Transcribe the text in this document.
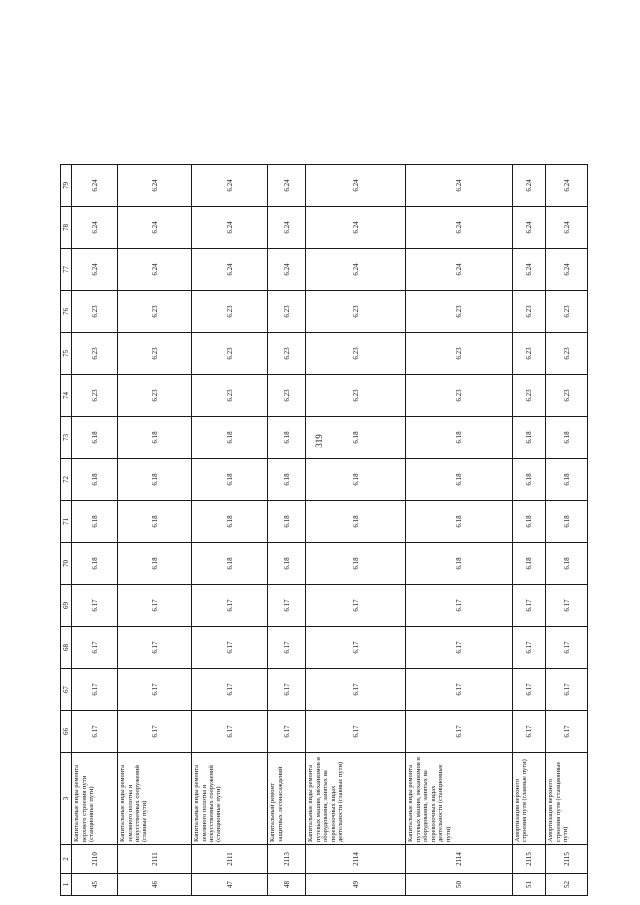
319
1	2	3	66	67	68	69	70	71	72	73	74	75	76	77	78	79
45	2110	Капитальные виды ремонта верхнего строения пути (станционные пути)	6.17	6.17	6.17	6.17	6.18	6.18	6.18	6.18	6.23	6.23	6.23	6.24	6.24	6.24
46	2111	Капитальные виды ремонта земляного полотна и искусственных сооружений (главные пути)	6.17	6.17	6.17	6.17	6.18	6.18	6.18	6.18	6.23	6.23	6.23	6.24	6.24	6.24
47	2111	Капитальные виды ремонта земляного полотна и искусственных сооружений (станционные пути)	6.17	6.17	6.17	6.17	6.18	6.18	6.18	6.18	6.23	6.23	6.23	6.24	6.24	6.24
48	2113	Капитальный ремонт защитных лесонасаждений	6.17	6.17	6.17	6.17	6.18	6.18	6.18	6.18	6.23	6.23	6.23	6.24	6.24	6.24
49	2114	Капитальные виды ремонта путевых машин, механизмов и оборудования, занятых на перевозочных видах деятельности (главные пути)	6.17	6.17	6.17	6.17	6.18	6.18	6.18	6.18	6.23	6.23	6.23	6.24	6.24	6.24
50	2114	Капитальные виды ремонта путевых машин, механизмов и оборудования, занятых на перевозочных видах деятельности (станционные пути)	6.17	6.17	6.17	6.17	6.18	6.18	6.18	6.18	6.23	6.23	6.23	6.24	6.24	6.24
51	2115	Амортизация верхнего строения пути (главные пути)	6.17	6.17	6.17	6.17	6.18	6.18	6.18	6.18	6.23	6.23	6.23	6.24	6.24	6.24
52	2115	Амортизация верхнего строения пути (станционные пути)	6.17	6.17	6.17	6.17	6.18	6.18	6.18	6.18	6.23	6.23	6.23	6.24	6.24	6.24
